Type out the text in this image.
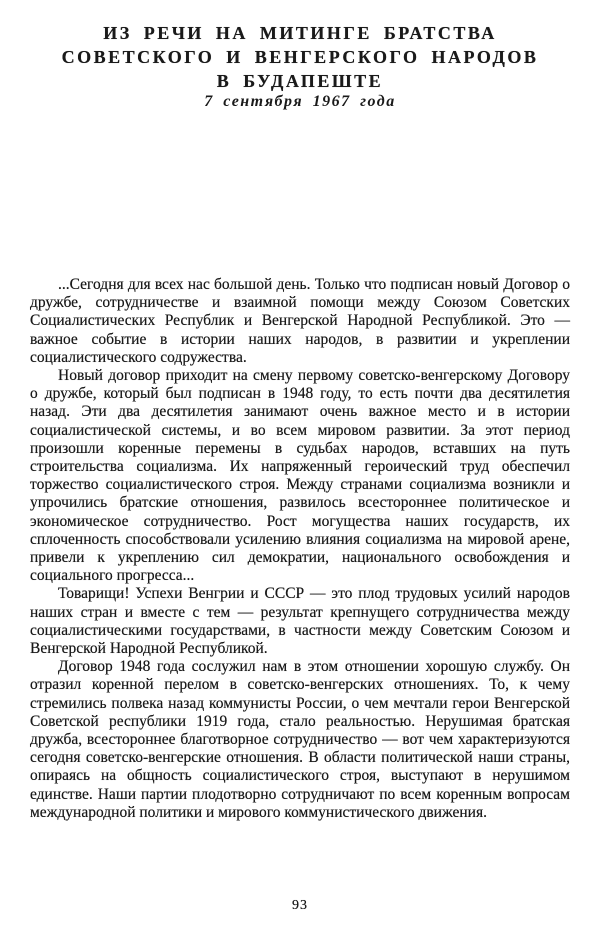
ИЗ РЕЧИ НА МИТИНГЕ БРАТСТВА
СОВЕТСКОГО И ВЕНГЕРСКОГО НАРОДОВ
В БУДАПЕШТЕ
7 сентября 1967 года

...Сегодня для всех нас большой день. Только что подписан новый Договор о дружбе, сотрудничестве и взаимной помощи между Союзом Советских Социалистических Республик и Венгерской Народной Республикой. Это — важное событие в истории наших народов, в развитии и укреплении социалистического содружества.

Новый договор приходит на смену первому советско-венгерскому Договору о дружбе, который был подписан в 1948 году, то есть почти два десятилетия назад. Эти два десятилетия занимают очень важное место и в истории социалистической системы, и во всем мировом развитии. За этот период произошли коренные перемены в судьбах народов, вставших на путь строительства социализма. Их напряженный героический труд обеспечил торжество социалистического строя. Между странами социализма возникли и упрочились братские отношения, развилось всестороннее политическое и экономическое сотрудничество. Рост могущества наших государств, их сплоченность способствовали усилению влияния социализма на мировой арене, привели к укреплению сил демократии, национального освобождения и социального прогресса...

Товарищи! Успехи Венгрии и СССР — это плод трудовых усилий народов наших стран и вместе с тем — результат крепнущего сотрудничества между социалистическими государствами, в частности между Советским Союзом и Венгерской Народной Республикой.

Договор 1948 года сослужил нам в этом отношении хорошую службу. Он отразил коренной перелом в советско-венгерских отношениях. То, к чему стремились полвека назад коммунисты России, о чем мечтали герои Венгерской Советской республики 1919 года, стало реальностью. Нерушимая братская дружба, всестороннее благотворное сотрудничество — вот чем характеризуются сегодня советско-венгерские отношения. В области политической наши страны, опираясь на общность социалистического строя, выступают в нерушимом единстве. Наши партии плодотворно сотрудничают по всем коренным вопросам международной политики и мирового коммунистического движения.

93
